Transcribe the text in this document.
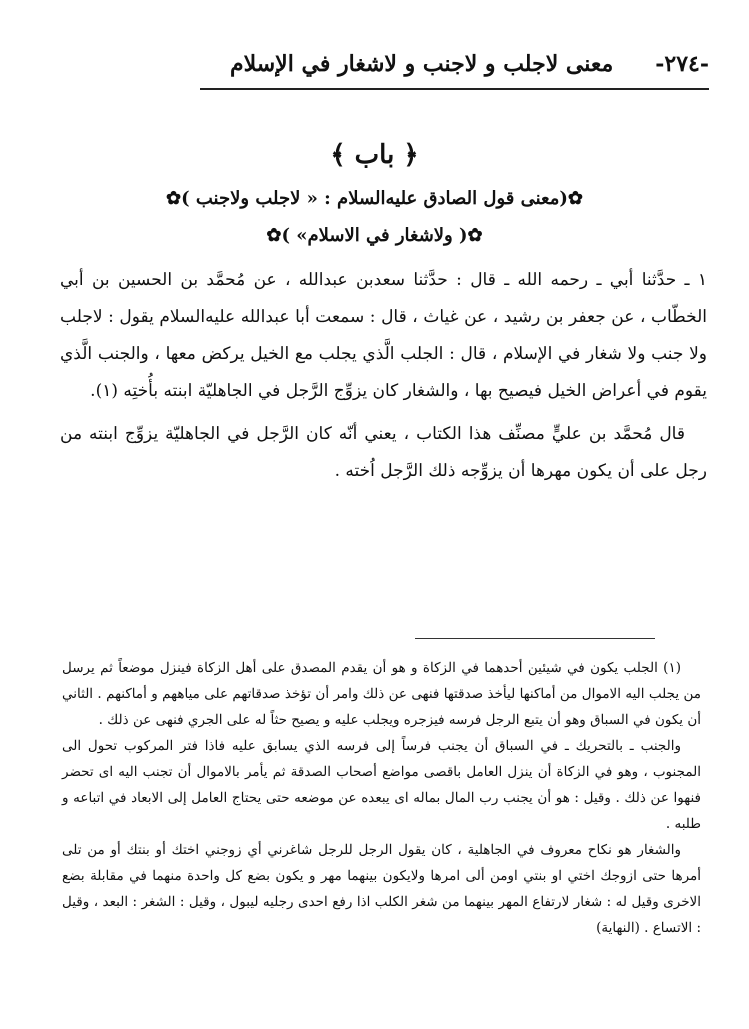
-٢٧٤-
معنى لاجلب و لاجنب و لاشغار في الإسلام
﴿ باب ﴾
✿(معنى قول الصادق عليه‌السلام : « لاجلب ولاجنب )✿
✿( ولاشغار في الاسلام» )✿

١ ـ حدَّثنا أبي ـ رحمه الله ـ قال : حدَّثنا سعدبن عبدالله ، عن مُحمَّد بن الحسين بن أبي الخطّاب ، عن جعفر بن رشيد ، عن غياث ، قال : سمعت أبا عبدالله عليه‌السلام يقول : لاجلب ولا جنب ولا شغار في الإسلام ، قال : الجلب الَّذي يجلب مع الخيل يركض معها ، والجنب الَّذي يقوم في أعراض الخيل فيصيح بها ، والشغار كان يزوِّج الرَّجل في الجاهليّة ابنته بأُختِه (١).

قال مُحمَّد بن عليٍّ مصنِّف هذا الكتاب ، يعني أنّه كان الرَّجل في الجاهليّة يزوِّج ابنته من رجل على أن يكون مهرها أن يزوِّجه ذلك الرَّجل اُخته .

(١) الجلب يكون في شيئين أحدهما في الزكاة و هو أن يقدم المصدق على أهل الزكاة فينزل موضعاً ثم يرسل من يجلب اليه الاموال من أماكنها ليأخذ صدقتها فنهى عن ذلك وامر أن تؤخذ صدقاتهم على مياههم و أماكنهم . الثاني أن يكون في السباق وهو أن يتبع الرجل فرسه فيزجره ويجلب عليه و يصيح حثاً له على الجري فنهى عن ذلك .

والجنب ـ بالتحريك ـ في السباق أن يجنب فرساً إلى فرسه الذي يسابق عليه فاذا فتر المركوب تحول الى المجنوب ، وهو في الزكاة أن ينزل العامل باقصى مواضع أصحاب الصدقة ثم يأمر بالاموال أن تجنب اليه اى تحضر فنهوا عن ذلك . وقيل : هو أن يجنب رب المال بماله اى يبعده عن موضعه حتى يحتاج العامل إلى الابعاد في اتباعه و طلبه .

والشغار هو نكاح معروف في الجاهلية ، كان يقول الرجل للرجل شاغرني أي زوجني اختك أو بنتك أو من تلى أمرها حتى ازوجك اختي او بنتي اومن ألى امرها ولايكون بينهما مهر و يكون بضع كل واحدة منهما في مقابلة بضع الاخرى وقيل له : شغار لارتفاع المهر بينهما من شغر الكلب اذا رفع احدى رجليه ليبول ، وقيل : الشغر : البعد ، وقيل : الاتساع . (النهاية)
